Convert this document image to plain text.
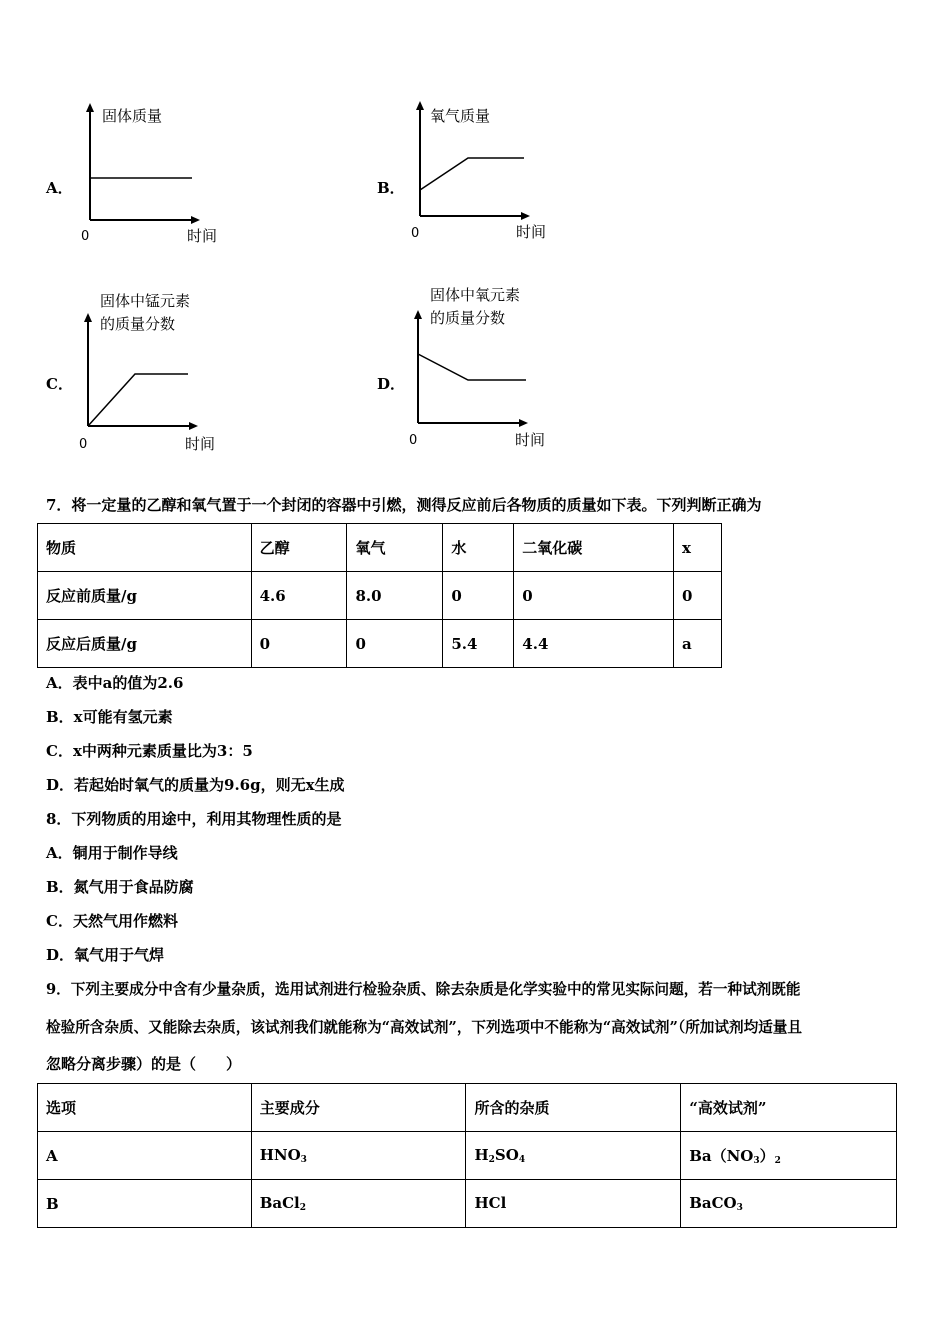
A．
固体质量
时间
0
B．
氧气质量
时间
0
C．
固体中锰元素
的质量分数
时间
0
D．
固体中氧元素
的质量分数
时间
0
7．将一定量的乙醇和氧气置于一个封闭的容器中引燃，测得反应前后各物质的质量如下表。下列判断正确为
物质	乙醇	氧气	水	二氧化碳	x
反应前质量/g	4.6	8.0	0	0	0
反应后质量/g	0	0	5.4	4.4	a
A．表中a的值为2.6
B．x可能有氢元素
C．x中两种元素质量比为3：5
D．若起始时氧气的质量为9.6g，则无x生成
8．下列物质的用途中，利用其物理性质的是
A．铜用于制作导线
B．氮气用于食品防腐
C．天然气用作燃料
D．氧气用于气焊
9．下列主要成分中含有少量杂质，选用试剂进行检验杂质、除去杂质是化学实验中的常见实际问题，若一种试剂既能
检验所含杂质、又能除去杂质，该试剂我们就能称为“高效试剂”，下列选项中不能称为“高效试剂”（所加试剂均适量且
忽略分离步骤）的是（　　）
选项	主要成分	所含的杂质	“高效试剂”
A	$HNO_3$	$H_2SO_4$	$Ba(NO_3)_2$
B	BaCl$_2$	HCl	BaCO$_3$
